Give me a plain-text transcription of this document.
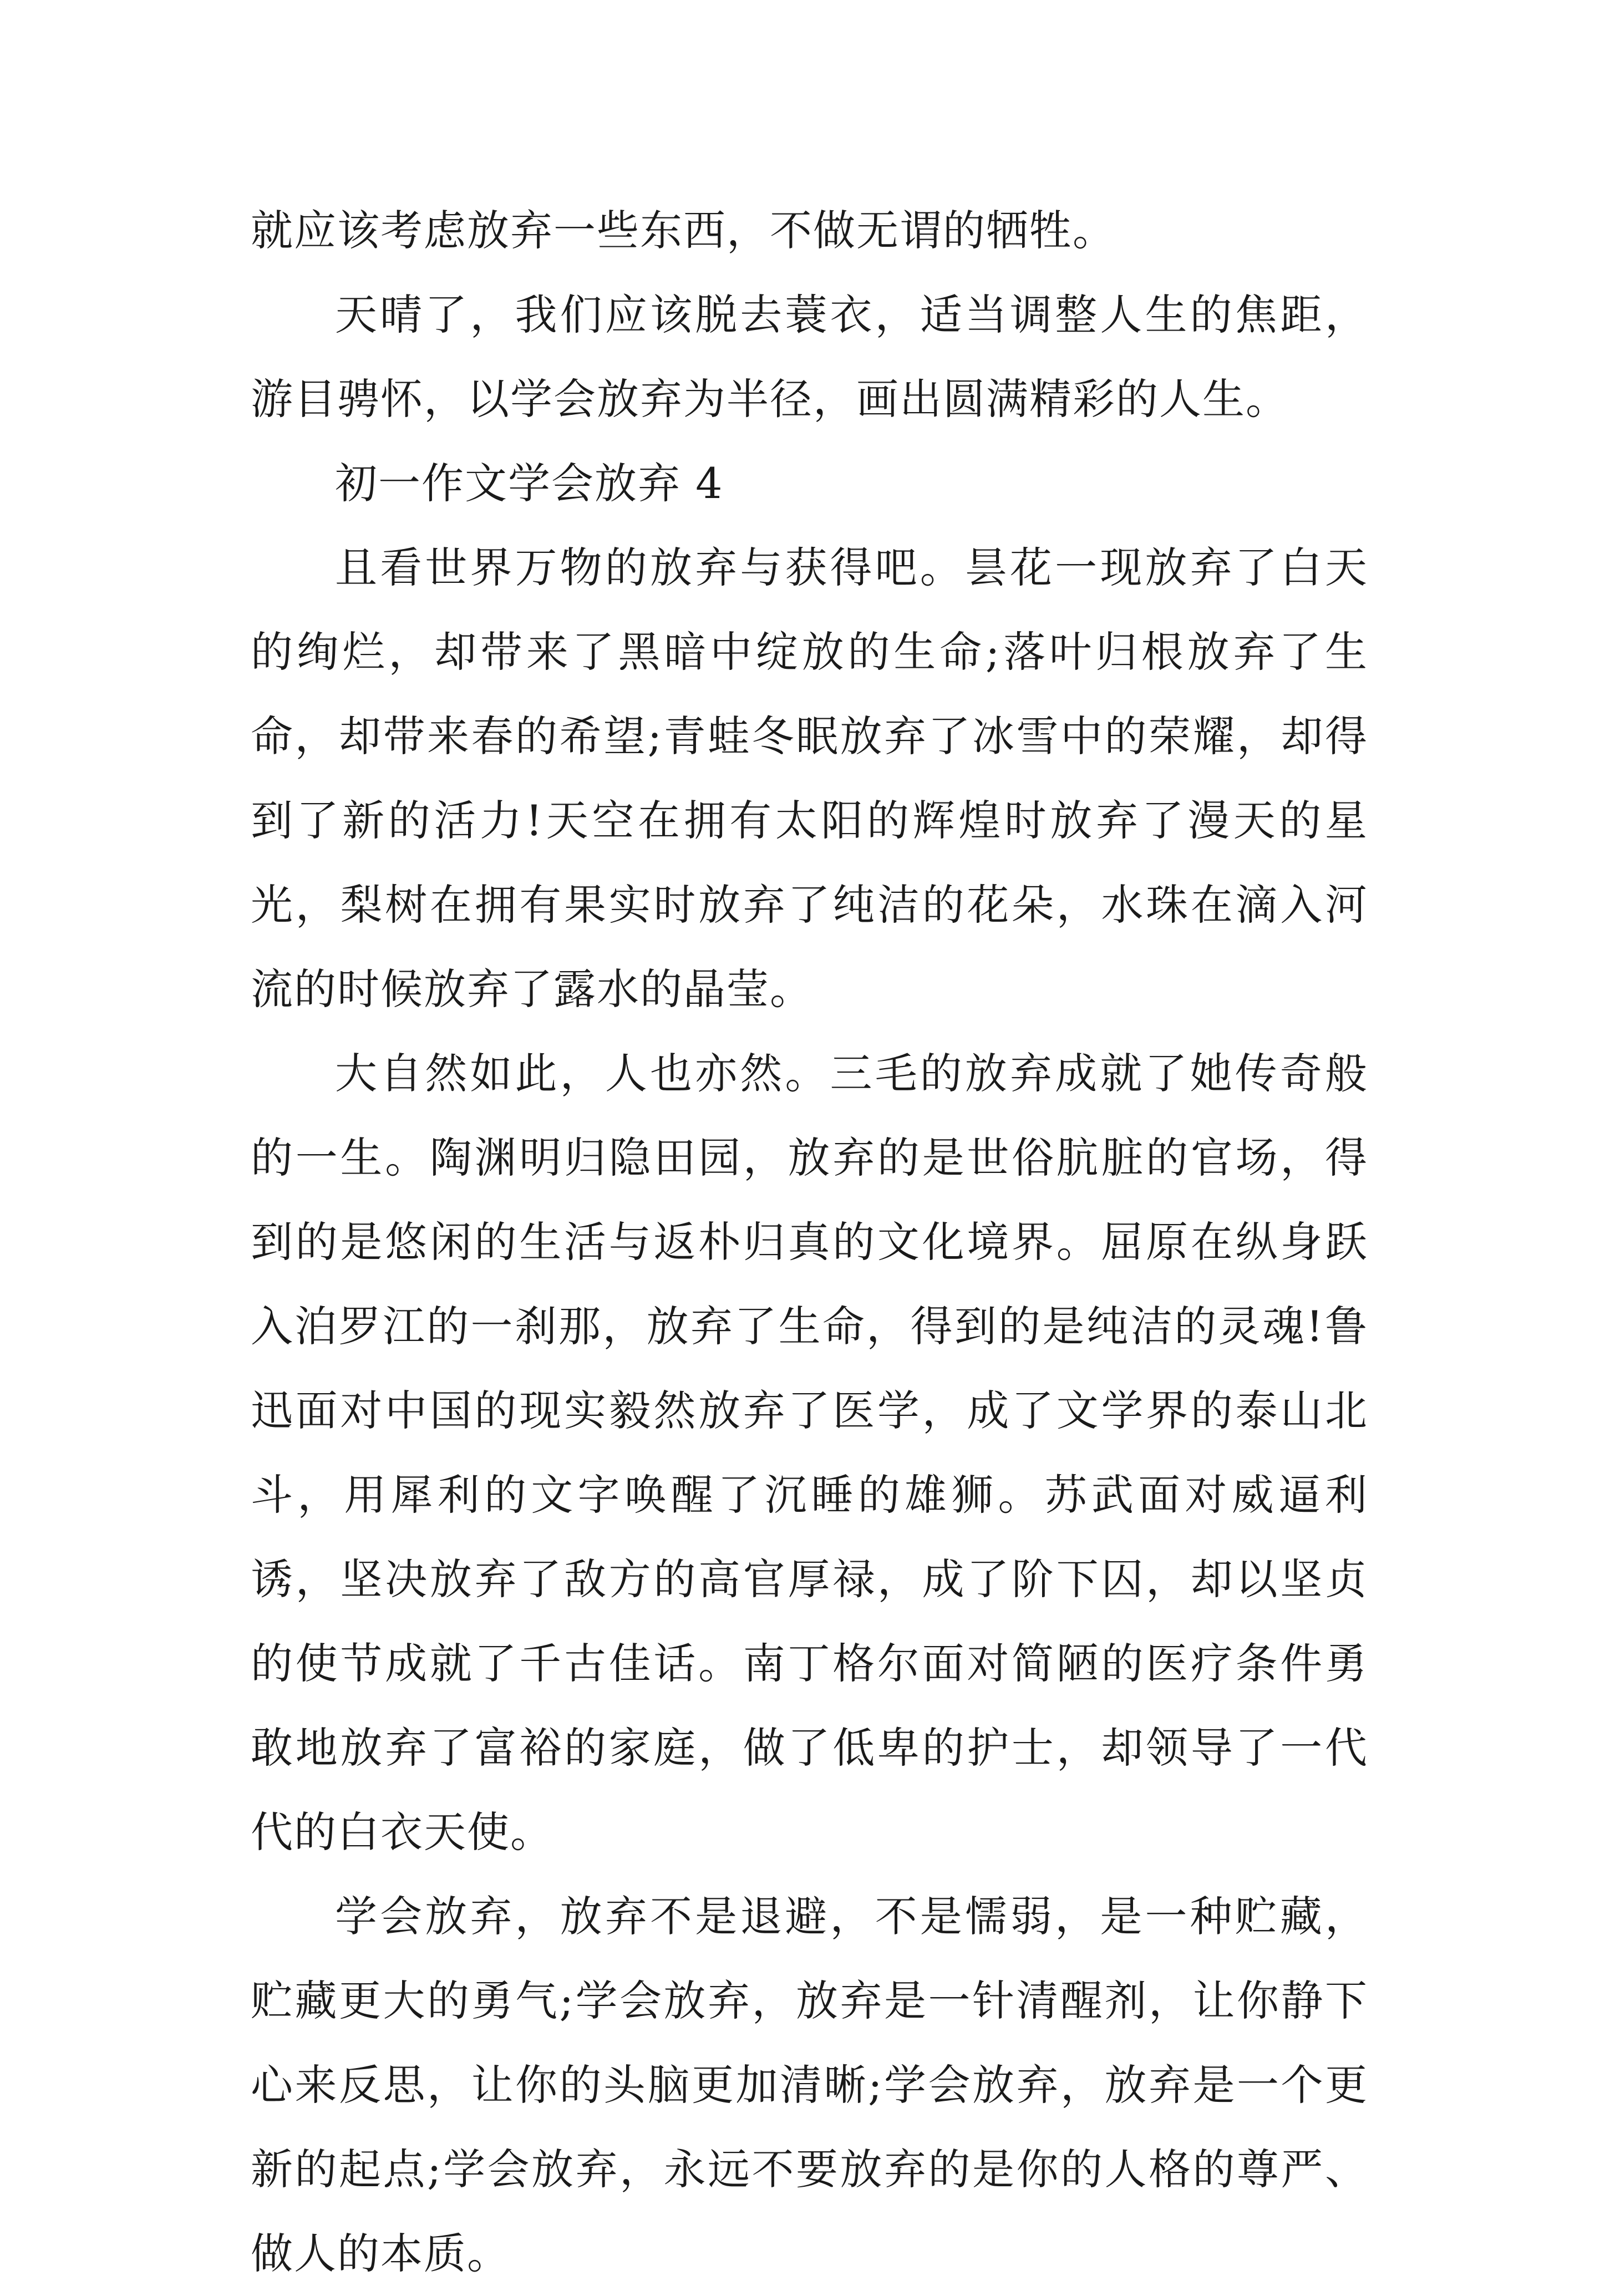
就应该考虑放弃一些东西，不做无谓的牺牲。

天晴了，我们应该脱去蓑衣，适当调整人生的焦距，游目骋怀，以学会放弃为半径，画出圆满精彩的人生。

初一作文学会放弃 4

且看世界万物的放弃与获得吧。昙花一现放弃了白天的绚烂，却带来了黑暗中绽放的生命;落叶归根放弃了生命，却带来春的希望;青蛙冬眠放弃了冰雪中的荣耀，却得到了新的活力!天空在拥有太阳的辉煌时放弃了漫天的星光，梨树在拥有果实时放弃了纯洁的花朵，水珠在滴入河流的时候放弃了露水的晶莹。

大自然如此，人也亦然。三毛的放弃成就了她传奇般的一生。陶渊明归隐田园，放弃的是世俗肮脏的官场，得到的是悠闲的生活与返朴归真的文化境界。屈原在纵身跃入泊罗江的一刹那，放弃了生命，得到的是纯洁的灵魂!鲁迅面对中国的现实毅然放弃了医学，成了文学界的泰山北斗，用犀利的文字唤醒了沉睡的雄狮。苏武面对威逼利诱，坚决放弃了敌方的高官厚禄，成了阶下囚，却以坚贞的使节成就了千古佳话。南丁格尔面对简陋的医疗条件勇敢地放弃了富裕的家庭，做了低卑的护士，却领导了一代代的白衣天使。

学会放弃，放弃不是退避，不是懦弱，是一种贮藏，贮藏更大的勇气;学会放弃，放弃是一针清醒剂，让你静下心来反思，让你的头脑更加清晰;学会放弃，放弃是一个更新的起点;学会放弃，永远不要放弃的是你的人格的尊严、做人的本质。
